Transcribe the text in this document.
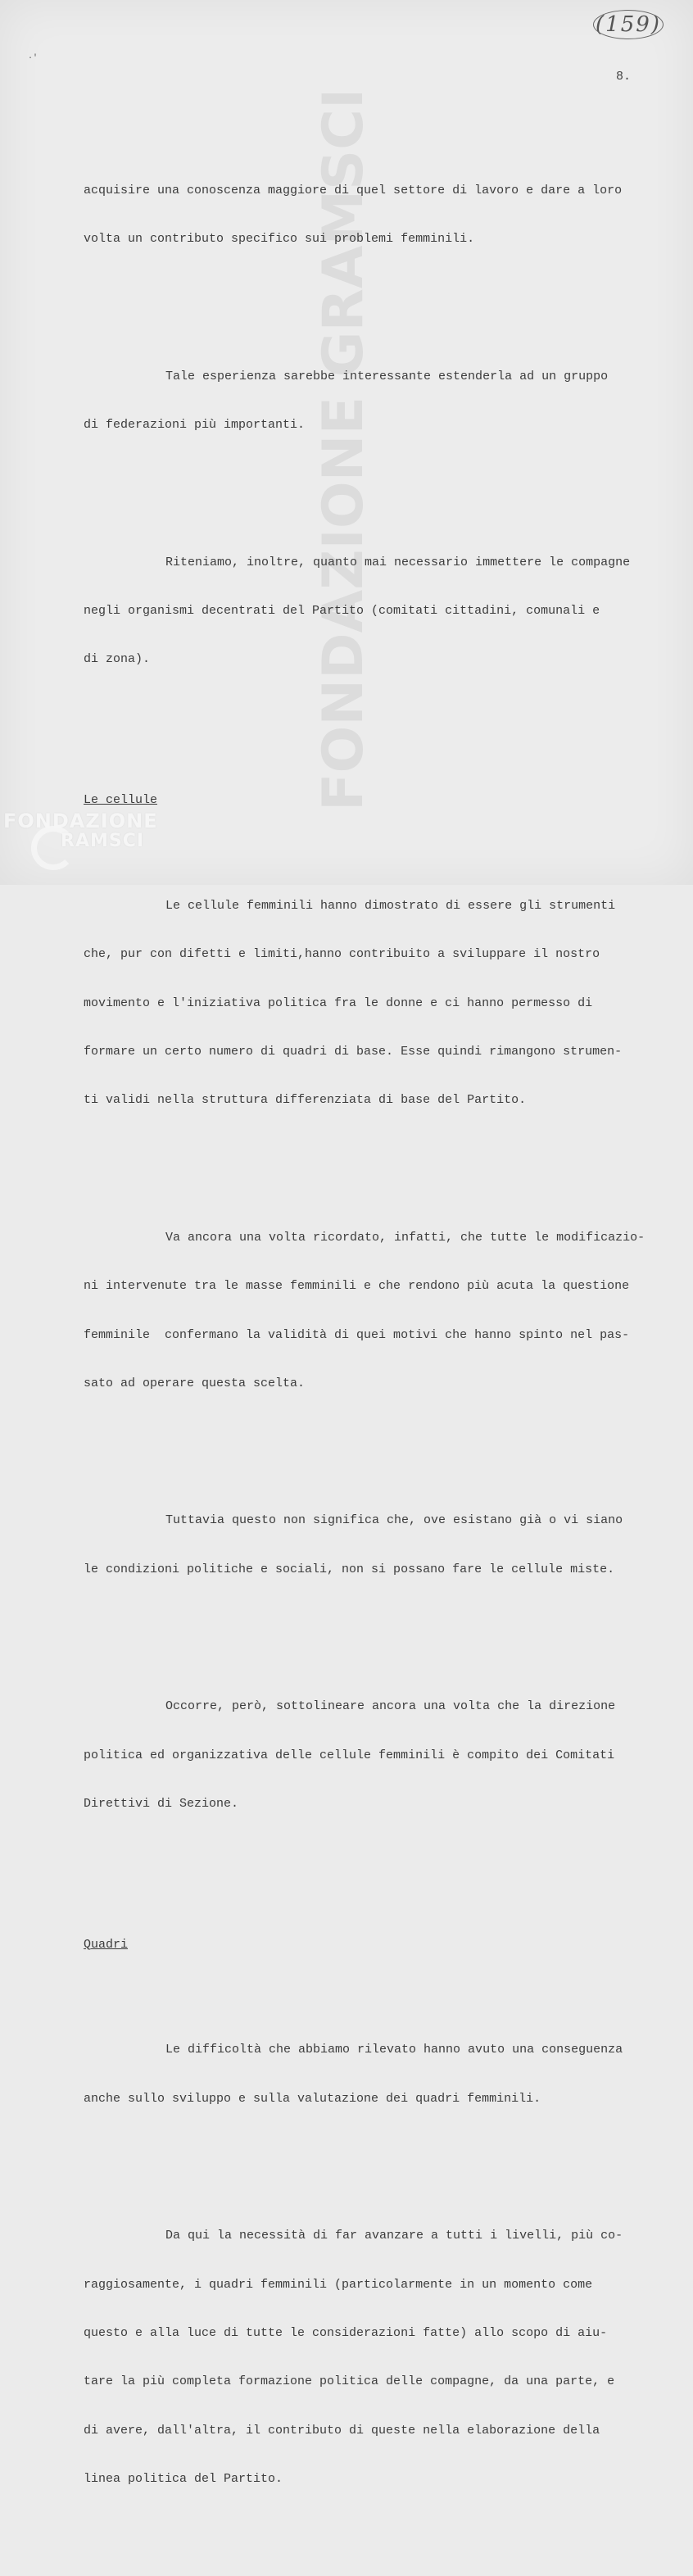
FONDAZIONE GRAMSCI
(159)
8.
·'

acquisire una conoscenza maggiore di quel settore di lavoro e dare a loro

volta un contributo specifico sui problemi femminili.

Tale esperienza sarebbe interessante estenderla ad un gruppo

di federazioni più importanti.

Riteniamo, inoltre, quanto mai necessario immettere le compagne

negli organismi decentrati del Partito (comitati cittadini, comunali e

di zona).

Le cellule

Le cellule femminili hanno dimostrato di essere gli strumenti

che, pur con difetti e limiti,hanno contribuito a sviluppare il nostro

movimento e l'iniziativa politica fra le donne e ci hanno permesso di

formare un certo numero di quadri di base. Esse quindi rimangono strumen-

ti validi nella struttura differenziata di base del Partito.

Va ancora una volta ricordato, infatti, che tutte le modificazio-

ni intervenute tra le masse femminili e che rendono più acuta la questione

femminile  confermano la validità di quei motivi che hanno spinto nel pas-

sato ad operare questa scelta.

Tuttavia questo non significa che, ove esistano già o vi siano

le condizioni politiche e sociali, non si possano fare le cellule miste.

Occorre, però, sottolineare ancora una volta che la direzione

politica ed organizzativa delle cellule femminili è compito dei Comitati

Direttivi di Sezione.

Quadri

Le difficoltà che abbiamo rilevato hanno avuto una conseguenza

anche sullo sviluppo e sulla valutazione dei quadri femminili.

Da qui la necessità di far avanzare a tutti i livelli, più co-

raggiosamente, i quadri femminili (particolarmente in un momento come

questo e alla luce di tutte le considerazioni fatte) allo scopo di aiu-

tare la più completa formazione politica delle compagne, da una parte, e

di avere, dall'altra, il contributo di queste nella elaborazione della

linea politica del Partito.

FONDAZIONE
RAMSCI
